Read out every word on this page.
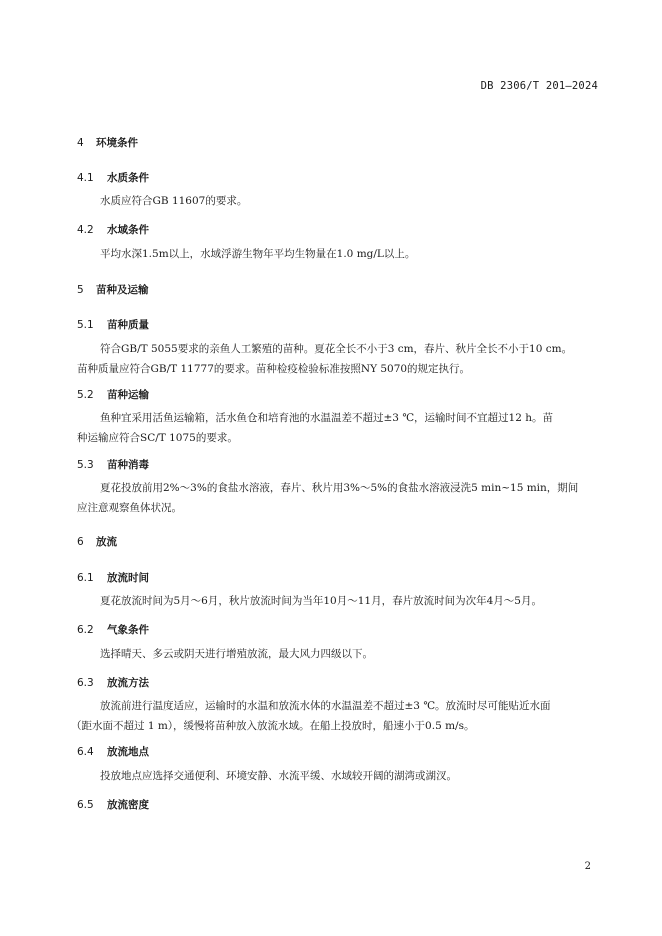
DB 2306/T 201—2024
4 环境条件
4.1 水质条件
水质应符合GB 11607的要求。
4.2 水域条件
平均水深1.5m以上，水域浮游生物年平均生物量在1.0 mg/L以上。
5 苗种及运输
5.1 苗种质量
符合GB/T 5055要求的亲鱼人工繁殖的苗种。夏花全长不小于3 cm，春片、秋片全长不小于10 cm。
苗种质量应符合GB/T 11777的要求。苗种检疫检验标准按照NY 5070的规定执行。
5.2 苗种运输
鱼种宜采用活鱼运输箱，活水鱼仓和培育池的水温温差不超过±3 ℃，运输时间不宜超过12 h。苗
种运输应符合SC/T 1075的要求。
5.3 苗种消毒
夏花投放前用2%～3%的食盐水溶液，春片、秋片用3%～5%的食盐水溶液浸洗5 min~15 min，期间
应注意观察鱼体状况。
6 放流
6.1 放流时间
夏花放流时间为5月～6月，秋片放流时间为当年10月～11月，春片放流时间为次年4月～5月。
6.2 气象条件
选择晴天、多云或阴天进行增殖放流，最大风力四级以下。
6.3 放流方法
放流前进行温度适应，运输时的水温和放流水体的水温温差不超过±3 ℃。放流时尽可能贴近水面
（距水面不超过 1 m），缓慢将苗种放入放流水域。在船上投放时，船速小于0.5 m/s。
6.4 放流地点
投放地点应选择交通便利、环境安静、水流平缓、水域较开阔的湖湾或湖汊。
6.5 放流密度
2
